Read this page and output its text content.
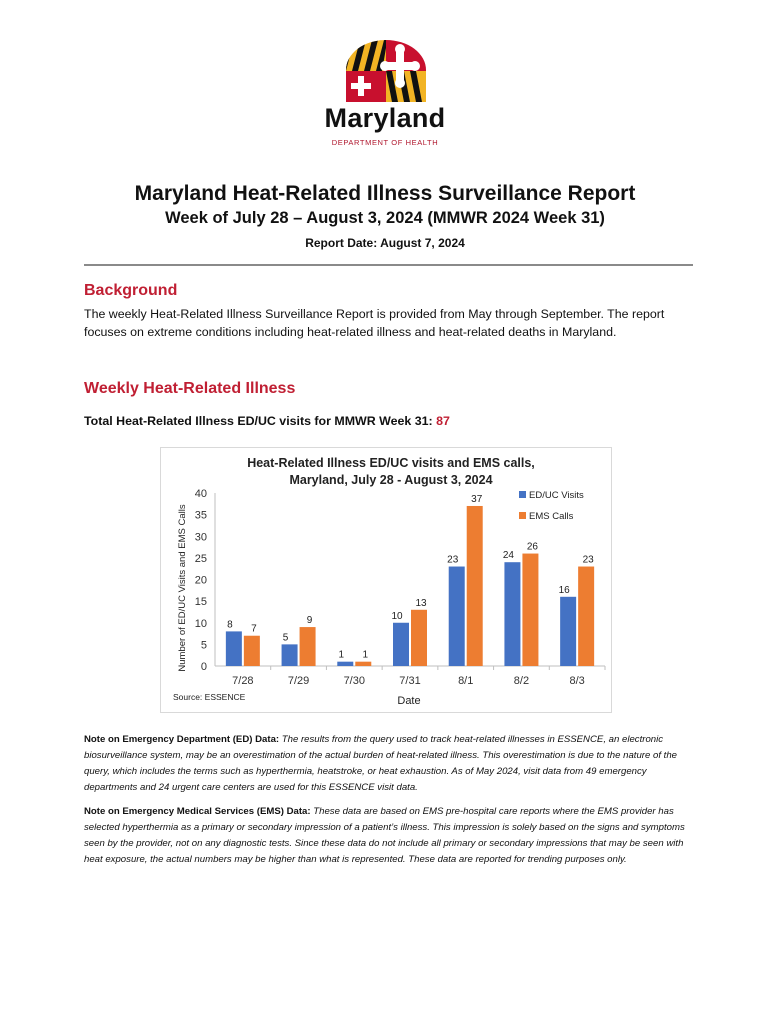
Maryland
DEPARTMENT OF HEALTH
Maryland Heat-Related Illness Surveillance Report
Week of July 28 – August 3, 2024 (MMWR 2024 Week 31)
Report Date: August 7, 2024
Background
The weekly Heat-Related Illness Surveillance Report is provided from May through September. The report focuses on extreme conditions including heat-related illness and heat-related deaths in Maryland.
Weekly Heat-Related Illness
Total Heat-Related Illness ED/UC visits for MMWR Week 31: 87
Heat-Related Illness ED/UC visits and EMS calls,
Maryland, July 28 - August 3, 2024
Number of ED/UC Visits and EMS Calls
Date
Source: ESSENCE
0
5
10
15
20
25
30
35
40
7/28
8 7
7/29
5
9
7/30
1 1
7/31
10
13
8/1
23
37
8/2
24
26
8/3
16
23
ED/UC Visits
EMS Calls
Note on Emergency Department (ED) Data: The results from the query used to track heat-related illnesses in ESSENCE, an electronic biosurveillance system, may be an overestimation of the actual burden of heat-related illness. This overestimation is due to the nature of the query, which includes the terms such as hyperthermia, heatstroke, or heat exhaustion. As of May 2024, visit data from 49 emergency departments and 24 urgent care centers are used for this ESSENCE visit data.
Note on Emergency Medical Services (EMS) Data: These data are based on EMS pre-hospital care reports where the EMS provider has selected hyperthermia as a primary or secondary impression of a patient’s illness. This impression is solely based on the signs and symptoms seen by the provider, not on any diagnostic tests. Since these data do not include all primary or secondary impressions that may be seen with heat exposure, the actual numbers may be higher than what is represented. These data are reported for trending purposes only.
